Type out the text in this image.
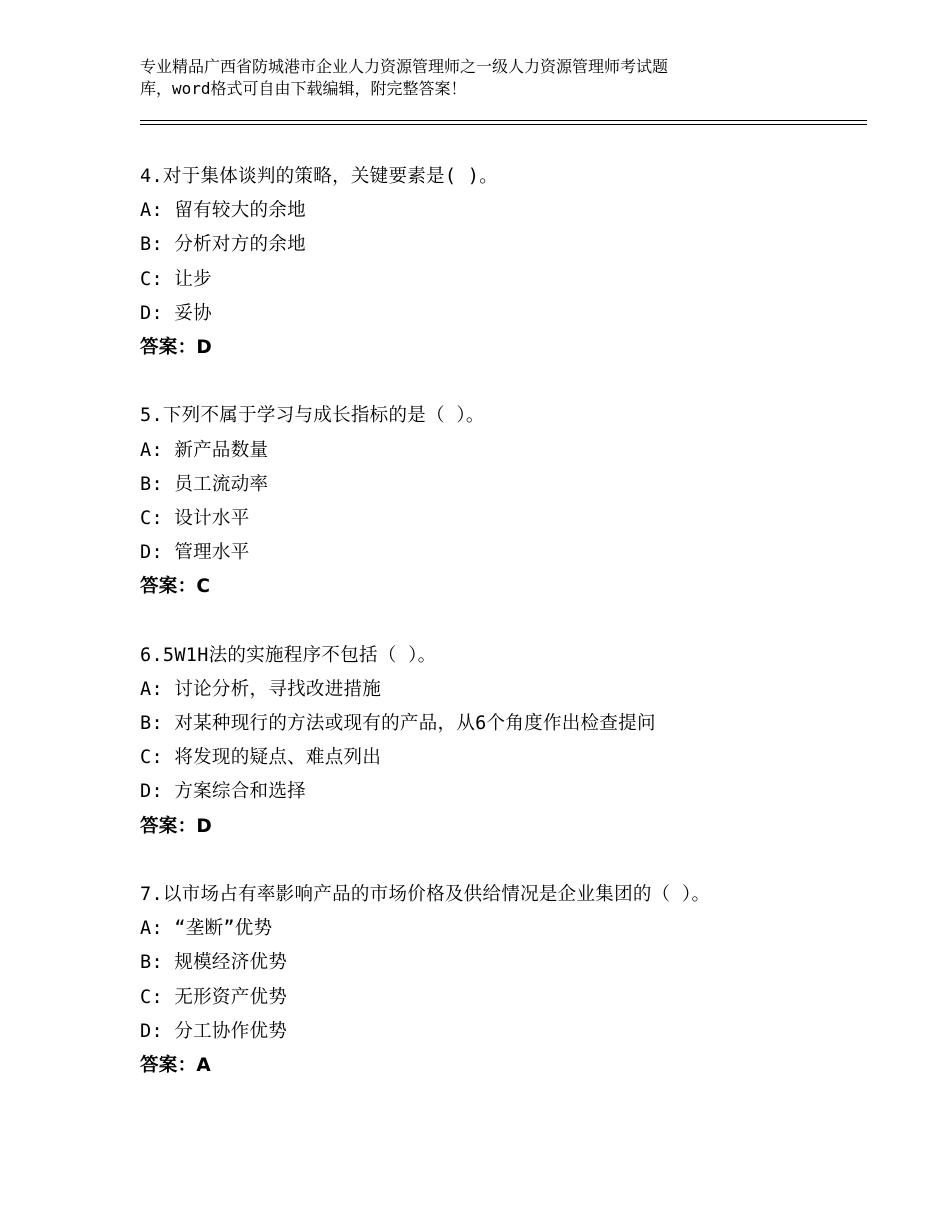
专业精品广西省防城港市企业人力资源管理师之一级人力资源管理师考试题
库，word格式可自由下载编辑，附完整答案！
4.对于集体谈判的策略，关键要素是( )。
A: 留有较大的余地
B: 分析对方的余地
C: 让步
D: 妥协
答案：D
5.下列不属于学习与成长指标的是（ ）。
A: 新产品数量
B: 员工流动率
C: 设计水平
D: 管理水平
答案：C
6.5W1H法的实施程序不包括（ ）。
A: 讨论分析，寻找改进措施
B: 对某种现行的方法或现有的产品，从6个角度作出检查提问
C: 将发现的疑点、难点列出
D: 方案综合和选择
答案：D
7.以市场占有率影响产品的市场价格及供给情况是企业集团的（ ）。
A: “垄断”优势
B: 规模经济优势
C: 无形资产优势
D: 分工协作优势
答案：A
